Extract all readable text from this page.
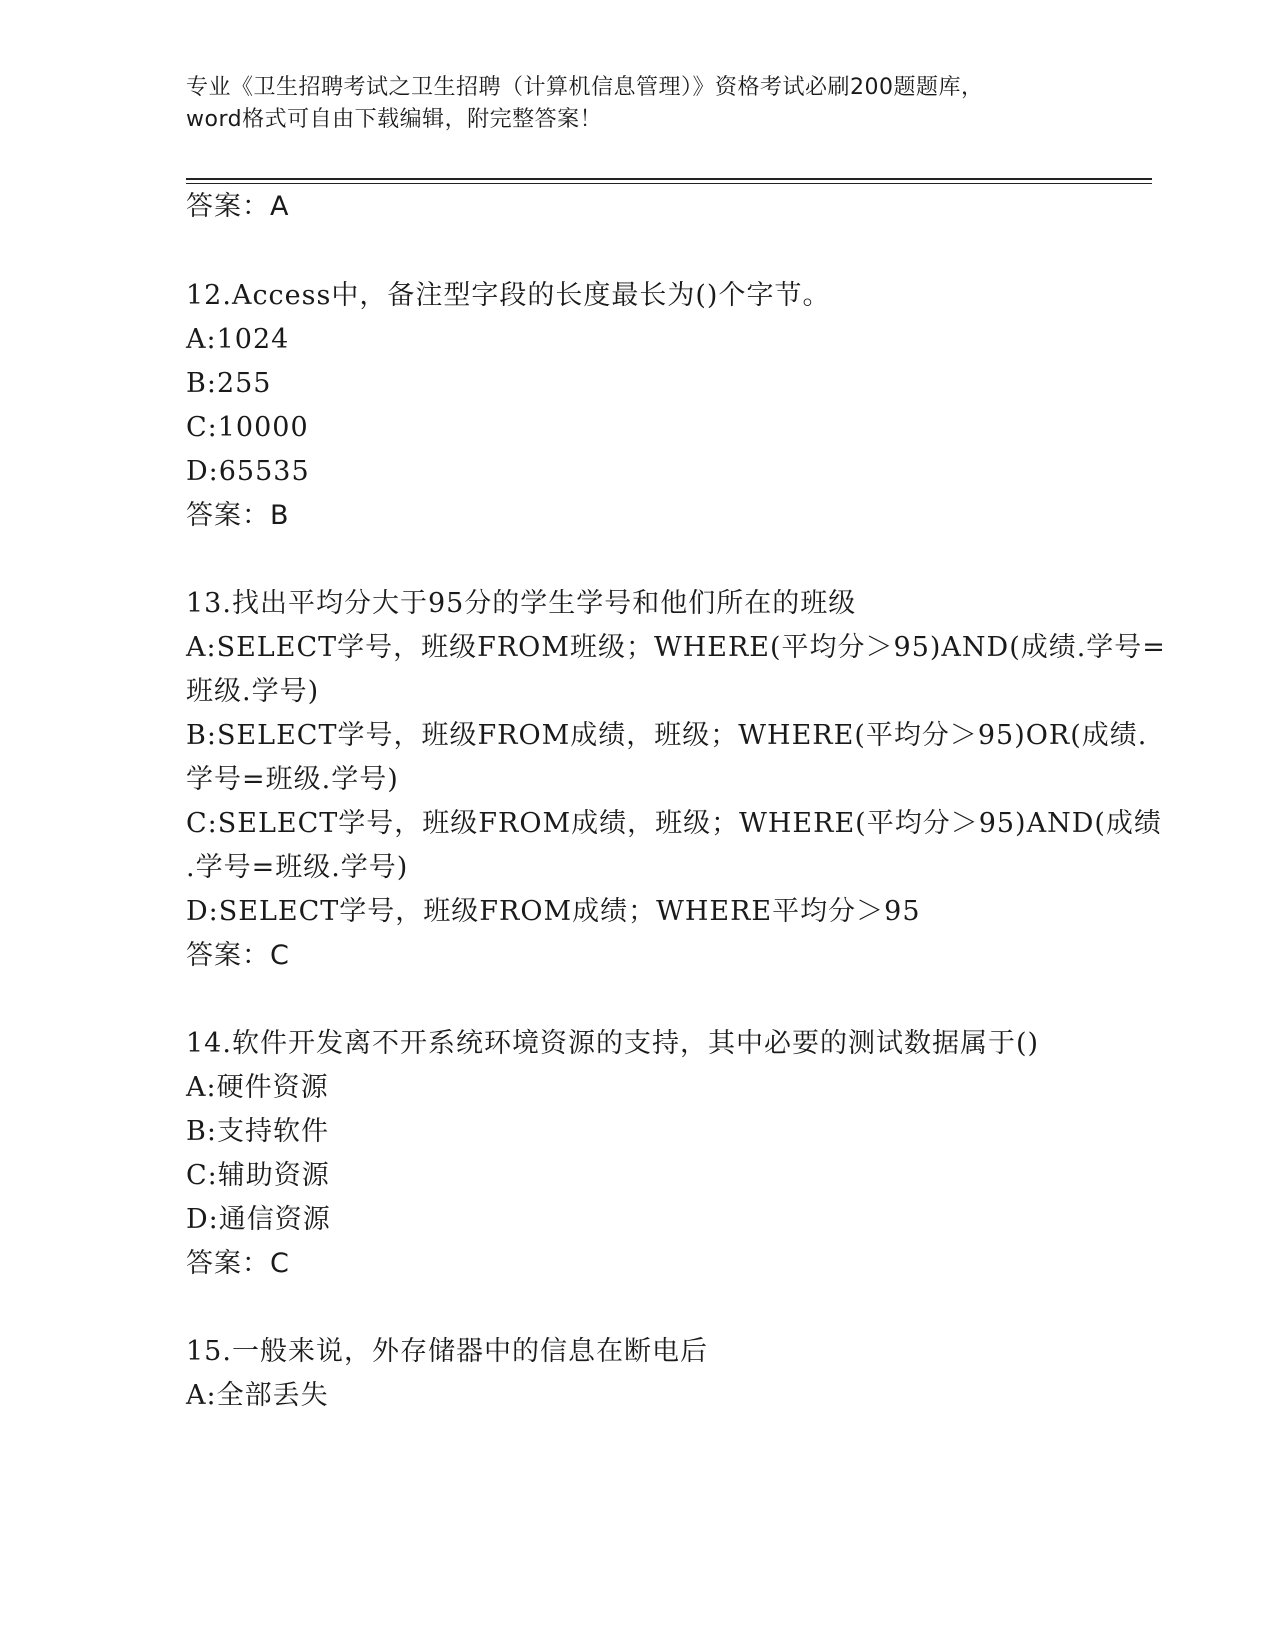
专业《卫生招聘考试之卫生招聘（计算机信息管理）》资格考试必刷200题题库，
word格式可自由下载编辑，附完整答案！
答案：A
12.Access中，备注型字段的长度最长为()个字节。
A:1024
B:255
C:10000
D:65535
答案：B
13.找出平均分大于95分的学生学号和他们所在的班级
A:SELECT学号，班级FROM班级；WHERE(平均分＞95)AND(成绩.学号=
班级.学号)
B:SELECT学号，班级FROM成绩，班级；WHERE(平均分＞95)OR(成绩.
学号=班级.学号)
C:SELECT学号，班级FROM成绩，班级；WHERE(平均分＞95)AND(成绩
.学号=班级.学号)
D:SELECT学号，班级FROM成绩；WHERE平均分＞95
答案：C
14.软件开发离不开系统环境资源的支持，其中必要的测试数据属于()
A:硬件资源
B:支持软件
C:辅助资源
D:通信资源
答案：C
15.一般来说，外存储器中的信息在断电后
A:全部丢失
